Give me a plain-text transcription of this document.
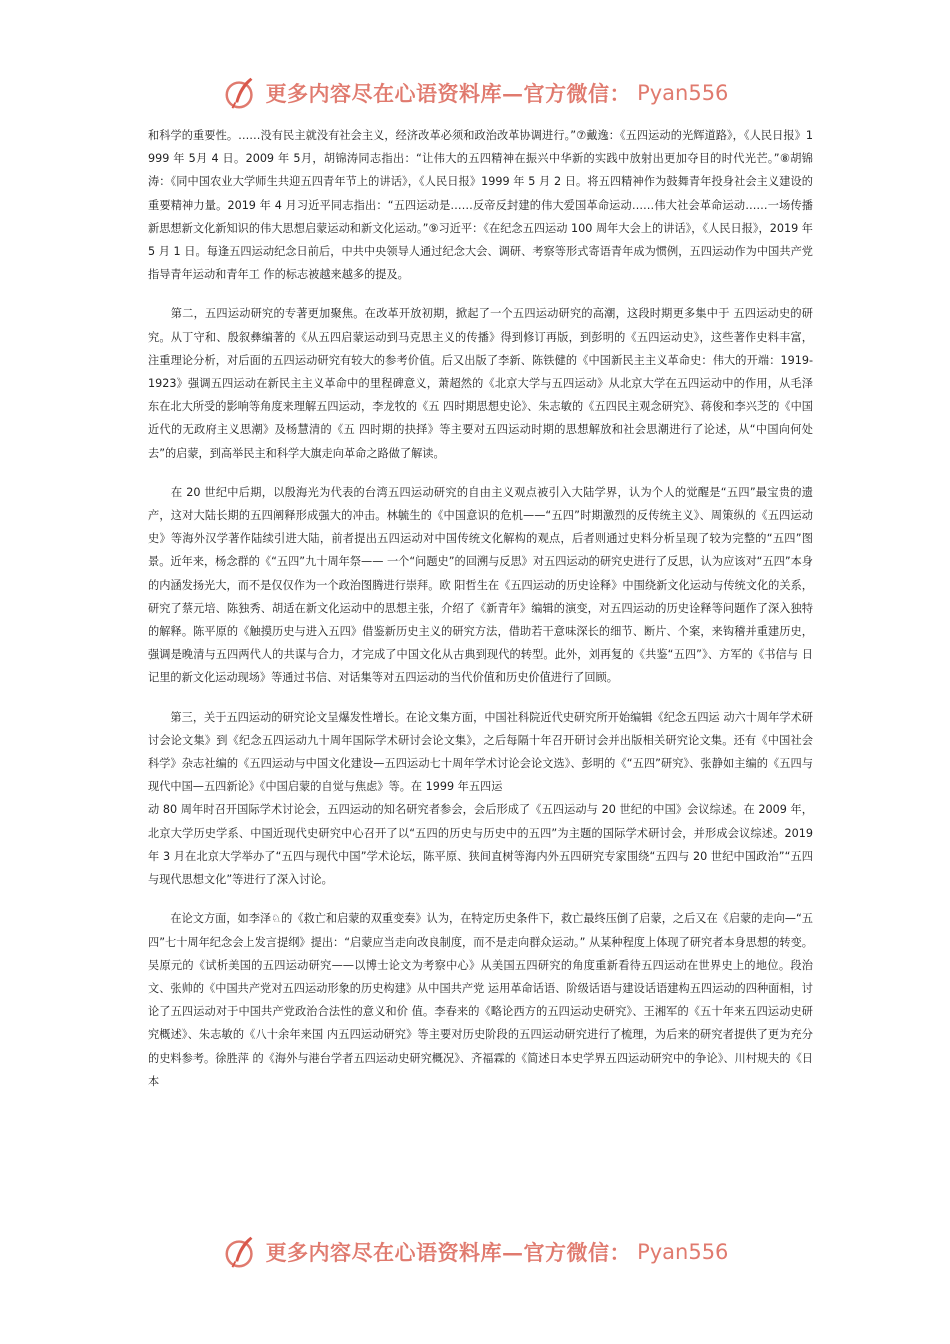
更多内容尽在心语资料库—官方微信： Pyan556

和科学的重要性。……没有民主就没有社会主义，经济改革必须和政治改革协调进行。”⑦戴逸：《五四运动的光辉道路》，《人民日报》1999 年 5月 4 日。2009 年 5月，胡锦涛同志指出：“让伟大的五四精神在振兴中华新的实践中放射出更加夺目的时代光芒。”⑧胡锦涛：《同中国农业大学师生共迎五四青年节上的讲话》，《人民日报》1999 年 5 月 2 日。将五四精神作为鼓舞青年投身社会主义建设的重要精神力量。2019 年 4 月习近平同志指出：“五四运动是……反帝反封建的伟大爱国革命运动……伟大社会革命运动……一场传播新思想新文化新知识的伟大思想启蒙运动和新文化运动。”⑨习近平：《在纪念五四运动 100 周年大会上的讲话》，《人民日报》，2019 年 5 月 1 日。每逢五四运动纪念日前后，中共中央领导人通过纪念大会、调研、考察等形式寄语青年成为惯例，五四运动作为中国共产党指导青年运动和青年工 作的标志被越来越多的提及。

　　第二，五四运动研究的专著更加聚焦。在改革开放初期，掀起了一个五四运动研究的高潮，这段时期更多集中于 五四运动史的研究。从丁守和、殷叙彝编著的《从五四启蒙运动到马克思主义的传播》得到修订再版，到彭明的《五四运动史》，这些著作史料丰富，注重理论分析，对后面的五四运动研究有较大的参考价值。后又出版了李新、陈铁健的《中国新民主主义革命史：伟大的开端：1919-1923》强调五四运动在新民主主义革命中的里程碑意义，萧超然的《北京大学与五四运动》从北京大学在五四运动中的作用，从毛泽东在北大所受的影响等角度来理解五四运动，李龙牧的《五 四时期思想史论》、朱志敏的《五四民主观念研究》、蒋俊和李兴芝的《中国近代的无政府主义思潮》及杨慧清的《五 四时期的抉择》等主要对五四运动时期的思想解放和社会思潮进行了论述，从“中国向何处去”的启蒙，到高举民主和科学大旗走向革命之路做了解读。

　　在 20 世纪中后期，以殷海光为代表的台湾五四运动研究的自由主义观点被引入大陆学界，认为个人的觉醒是“五四”最宝贵的遗产，这对大陆长期的五四阐释形成强大的冲击。林毓生的《中国意识的危机——“五四”时期激烈的反传统主义》、周策纵的《五四运动史》等海外汉学著作陆续引进大陆，前者提出五四运动对中国传统文化解构的观点，后者则通过史料分析呈现了较为完整的“五四”图景。近年来，杨念群的《“五四”九十周年祭—— 一个“问题史”的回溯与反思》对五四运动的研究史进行了反思，认为应该对“五四”本身的内涵发扬光大，而不是仅仅作为一个政治图腾进行崇拜。欧 阳哲生在《五四运动的历史诠释》中围绕新文化运动与传统文化的关系，研究了蔡元培、陈独秀、胡适在新文化运动中的思想主张，介绍了《新青年》编辑的演变，对五四运动的历史诠释等问题作了深入独特的解释。陈平原的《触摸历史与进入五四》借鉴新历史主义的研究方法，借助若干意味深长的细节、断片、个案，来钩稽并重建历史，强调是晚清与五四两代人的共谋与合力，才完成了中国文化从古典到现代的转型。此外，刘再复的《共鉴“五四”》、方军的《书信与 日记里的新文化运动现场》等通过书信、对话集等对五四运动的当代价值和历史价值进行了回顾。

　　第三，关于五四运动的研究论文呈爆发性增长。在论文集方面，中国社科院近代史研究所开始编辑《纪念五四运 动六十周年学术研讨会论文集》到《纪念五四运动九十周年国际学术研讨会论文集》，之后每隔十年召开研讨会并出版相关研究论文集。还有《中国社会科学》杂志社编的《五四运动与中国文化建设—五四运动七十周年学术讨论会论文选》、彭明的《“五四”研究》、张静如主编的《五四与现代中国—五四新论》《中国启蒙的自觉与焦虑》等。在 1999 年五四运
动 80 周年时召开国际学术讨论会，五四运动的知名研究者参会，会后形成了《五四运动与 20 世纪的中国》会议综述。在 2009 年，北京大学历史学系、中国近现代史研究中心召开了以“五四的历史与历史中的五四”为主题的国际学术研讨会，并形成会议综述。2019 年 3 月在北京大学举办了“五四与现代中国”学术论坛，陈平原、狭间直树等海内外五四研究专家围绕“五四与 20 世纪中国政治”“五四与现代思想文化”等进行了深入讨论。

　　在论文方面，如李泽♘的《救亡和启蒙的双重变奏》认为，在特定历史条件下，救亡最终压倒了启蒙，之后又在《启蒙的走向—“五四”七十周年纪念会上发言提纲》提出：“启蒙应当走向改良制度，而不是走向群众运动。” 从某种程度上体现了研究者本身思想的转变。吴原元的《试析美国的五四运动研究——以博士论文为考察中心》从美国五四研究的角度重新看待五四运动在世界史上的地位。段治文、张帅的《中国共产党对五四运动形象的历史构建》从中国共产党 运用革命话语、阶级话语与建设话语建构五四运动的四种面相，讨论了五四运动对于中国共产党政治合法性的意义和价 值。李春来的《略论西方的五四运动史研究》、王湘军的《五十年来五四运动史研究概述》、朱志敏的《八十余年来国 内五四运动研究》等主要对历史阶段的五四运动研究进行了梳理，为后来的研究者提供了更为充分的史料参考。徐胜萍 的《海外与港台学者五四运动史研究概况》、齐福霖的《简述日本史学界五四运动研究中的争论》、川村规夫的《日本

更多内容尽在心语资料库—官方微信： Pyan556
